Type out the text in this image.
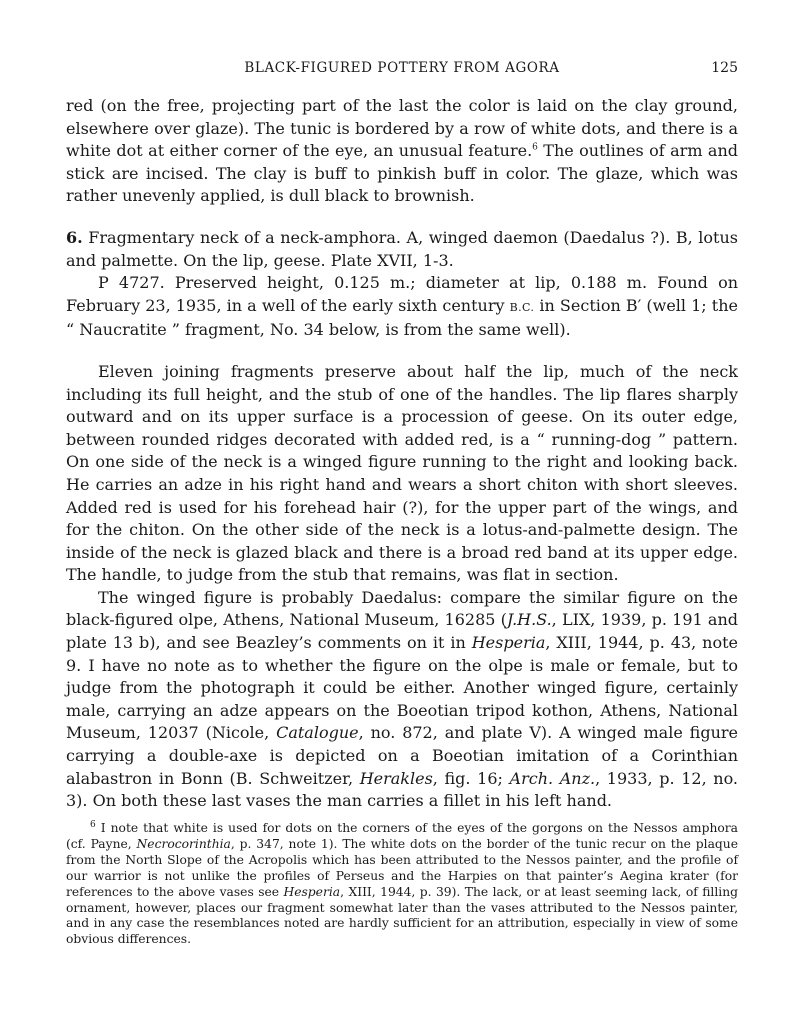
BLACK-FIGURED POTTERY FROM AGORA	125

red (on the free, projecting part of the last the color is laid on the clay ground, elsewhere over glaze). The tunic is bordered by a row of white dots, and there is a white dot at either corner of the eye, an unusual feature.$^6$ The outlines of arm and stick are incised. The clay is buff to pinkish buff in color. The glaze, which was rather unevenly applied, is dull black to brownish.

6. Fragmentary neck of a neck-amphora. A, winged daemon (Daedalus ?). B, lotus and palmette. On the lip, geese. Plate XVII, 1-3.

P 4727. Preserved height, 0.125 m.; diameter at lip, 0.188 m. Found on February 23, 1935, in a well of the early sixth century B.C. in Section B′ (well 1; the “ Naucratite ” fragment, No. 34 below, is from the same well).

Eleven joining fragments preserve about half the lip, much of the neck including its full height, and the stub of one of the handles. The lip flares sharply outward and on its upper surface is a procession of geese. On its outer edge, between rounded ridges decorated with added red, is a “ running-dog ” pattern. On one side of the neck is a winged figure running to the right and looking back. He carries an adze in his right hand and wears a short chiton with short sleeves. Added red is used for his forehead hair (?), for the upper part of the wings, and for the chiton. On the other side of the neck is a lotus-and-palmette design. The inside of the neck is glazed black and there is a broad red band at its upper edge. The handle, to judge from the stub that remains, was flat in section.

The winged figure is probably Daedalus: compare the similar figure on the black-figured olpe, Athens, National Museum, 16285 (J.H.S., LIX, 1939, p. 191 and plate 13 b), and see Beazley’s comments on it in Hesperia, XIII, 1944, p. 43, note 9. I have no note as to whether the figure on the olpe is male or female, but to judge from the photograph it could be either. Another winged figure, certainly male, carrying an adze appears on the Boeotian tripod kothon, Athens, National Museum, 12037 (Nicole, Catalogue, no. 872, and plate V). A winged male figure carrying a double-axe is depicted on a Boeotian imitation of a Corinthian alabastron in Bonn (B. Schweitzer, Herakles, fig. 16; Arch. Anz., 1933, p. 12, no. 3). On both these last vases the man carries a fillet in his left hand.

$^6$ I note that white is used for dots on the corners of the eyes of the gorgons on the Nessos amphora (cf. Payne, Necrocorinthia, p. 347, note 1). The white dots on the border of the tunic recur on the plaque from the North Slope of the Acropolis which has been attributed to the Nessos painter, and the profile of our warrior is not unlike the profiles of Perseus and the Harpies on that painter’s Aegina krater (for references to the above vases see Hesperia, XIII, 1944, p. 39). The lack, or at least seeming lack, of filling ornament, however, places our fragment somewhat later than the vases attributed to the Nessos painter, and in any case the resemblances noted are hardly sufficient for an attribution, especially in view of some obvious differences.
